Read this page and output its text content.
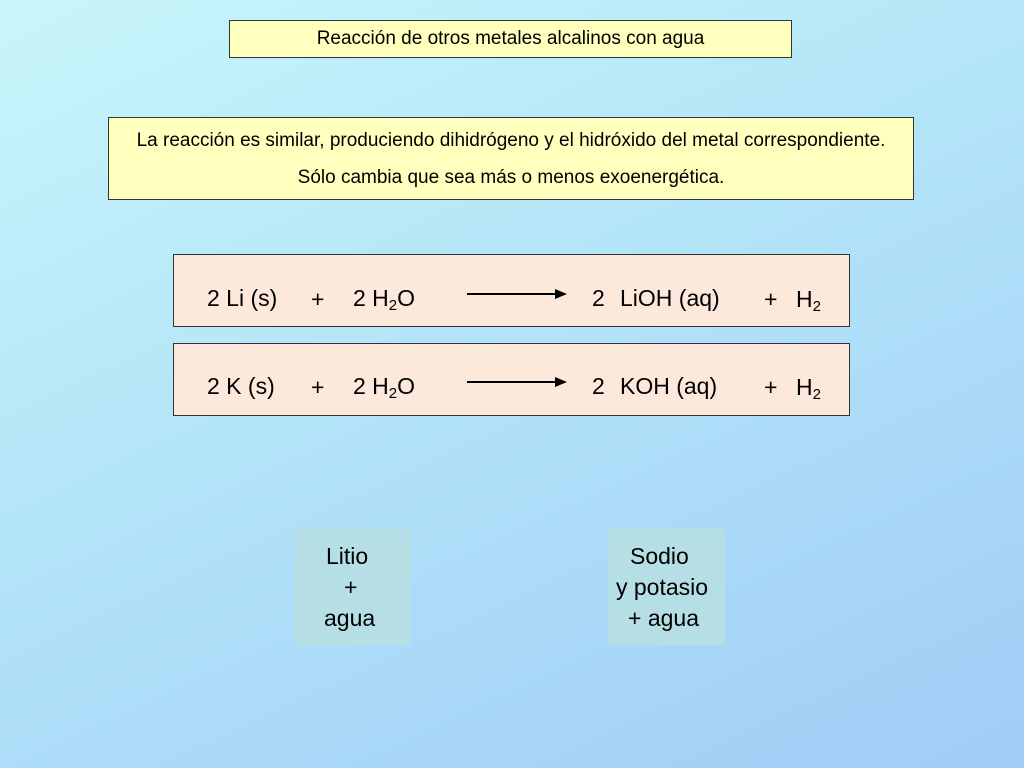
Reacción de otros metales alcalinos con agua
La reacción es similar, produciendo dihidrógeno y el hidróxido del metal correspondiente. Sólo cambia que sea más o menos exoenergética.
2 Li (s) + 2 $H_2O$	2 LiOH $(aq) + H_2$
2 K (s) + 2 $H_2O$	2 KOH $(aq) + H_2$
Litio
+
agua
Sodio
y potasio
+ agua
